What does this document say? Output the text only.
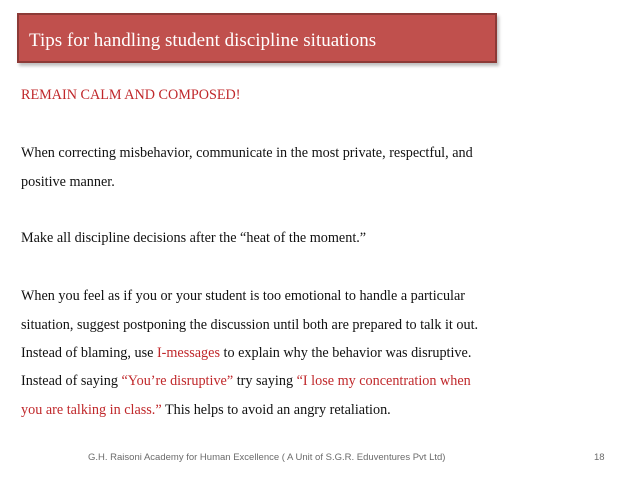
Tips for handling student discipline situations
REMAIN CALM AND COMPOSED!
When correcting misbehavior, communicate in the most private, respectful, and
positive manner.
Make all discipline decisions after the “heat of the moment.”
When you feel as if you or your student is too emotional to handle a particular
situation, suggest postponing the discussion until both are prepared to talk it out.
Instead of blaming, use I-messages to explain why the behavior was disruptive.
Instead of saying “You’re disruptive” try saying “I lose my concentration when
you are talking in class.” This helps to avoid an angry retaliation.
G.H. Raisoni Academy for Human Excellence ( A Unit of S.G.R. Eduventures Pvt Ltd)	18
